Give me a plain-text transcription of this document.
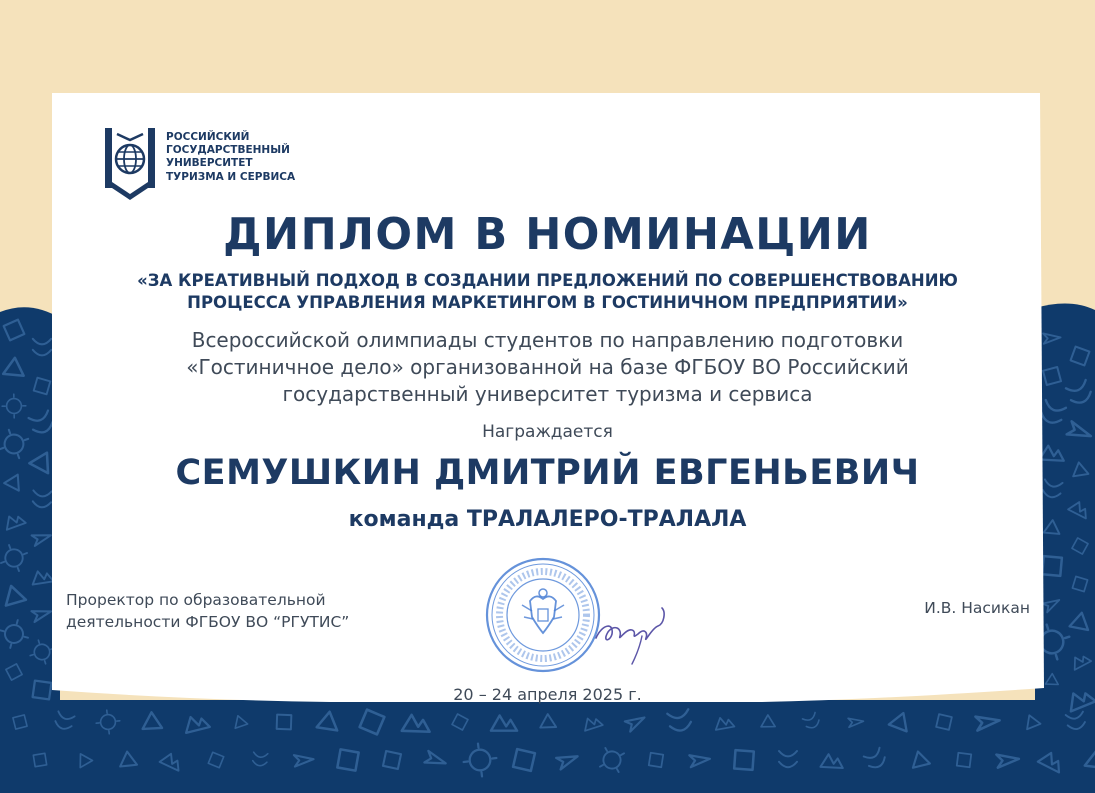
РОССИЙСКИЙ
ГОСУДАРСТВЕННЫЙ
УНИВЕРСИТЕТ
ТУРИЗМА И СЕРВИСА
ДИПЛОМ В НОМИНАЦИИ
«ЗА КРЕАТИВНЫЙ ПОДХОД В СОЗДАНИИ ПРЕДЛОЖЕНИЙ ПО СОВЕРШЕНСТВОВАНИЮ
ПРОЦЕССА УПРАВЛЕНИЯ МАРКЕТИНГОМ В ГОСТИНИЧНОМ ПРЕДПРИЯТИИ»
Всероссийской олимпиады студентов по направлению подготовки
«Гостиничное дело» организованной на базе ФГБОУ ВО Российский
государственный университет туризма и сервиса
Награждается
СЕМУШКИН ДМИТРИЙ ЕВГЕНЬЕВИЧ
команда ТРАЛАЛЕРО-ТРАЛАЛА
Проректор по образовательной
деятельности ФГБОУ ВО “РГУТИС”
И.В. Насикан
20 – 24 апреля 2025 г.
